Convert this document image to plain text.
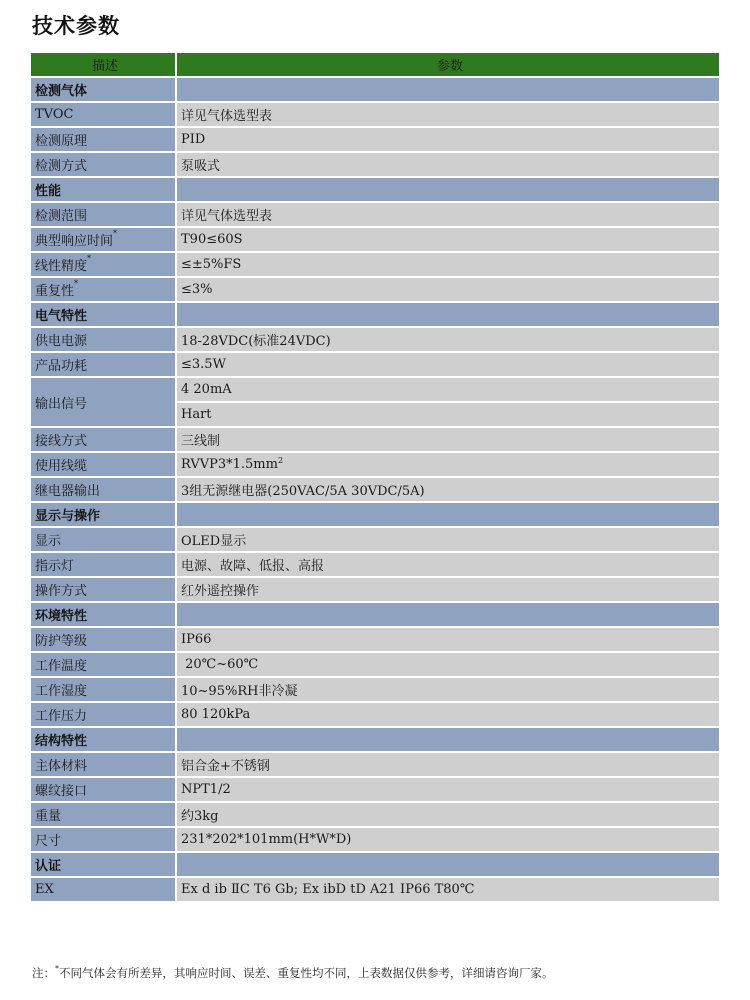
技术参数
描述	参数
检测气体	
TVOC	详见气体选型表
检测原理	PID
检测方式	泵吸式
性能	
检测范围	详见气体选型表
典型响应时间*	T90≤60S
线性精度*	≤±5%FS
重复性*	≤3%
电气特性	
供电电源	18-28VDC(标准24VDC)
产品功耗	≤3.5W
输出信号	4 20mA
	Hart
接线方式	三线制
使用线缆	$RVVP3*1.5mm^2$
继电器输出	3组无源继电器(250VAC/5A 30VDC/5A)
显示与操作	
显示	OLED显示
指示灯	电源、故障、低报、高报
操作方式	红外遥控操作
环境特性	
防护等级	IP66
工作温度	20℃~60℃
工作湿度	10~95%RH非冷凝
工作压力	80 120kPa
结构特性	
主体材料	铝合金+不锈钢
螺纹接口	NPT1/2
重量	约3kg
尺寸	231*202*101mm(H*W*D)
认证	
EX	Ex d ib ⅡC T6 Gb; Ex ibD tD A21 IP66 T80℃
注：*不同气体会有所差异，其响应时间、误差、重复性均不同，上表数据仅供参考，详细请咨询厂家。
